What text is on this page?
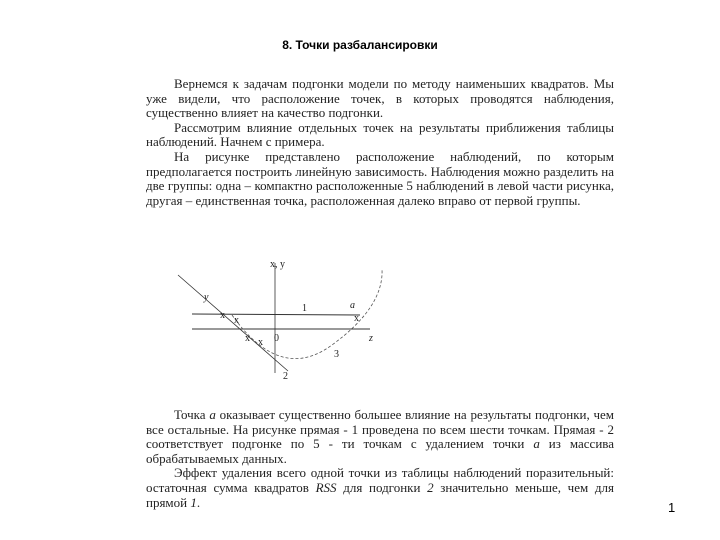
8. Точки разбалансировки

Вернемся к задачам подгонки модели по методу наименьших квадратов. Мы уже видели, что расположение точек, в которых проводятся наблюдения, существенно влияет на качество подгонки.

Рассмотрим влияние отдельных точек на результаты приближения таблицы наблюдений. Начнем с примера.

На рисунке представлено расположение наблюдений, по которым предполагается построить линейную зависимость. Наблюдения можно разделить на две группы: одна – компактно расположенные 5 наблюдений в левой части рисунка, другая – единственная точка, расположенная далеко вправо от первой группы.

x, y
z
0
1
2
3
y
x x
x x
x
a

Точка a оказывает существенно большее влияние на результаты подгонки, чем все остальные. На рисунке прямая - 1 проведена по всем шести точкам. Прямая - 2 соответствует подгонке по 5 - ти точкам с удалением точки a из массива обрабатываемых данных.

Эффект удаления всего одной точки из таблицы наблюдений поразительный: остаточная сумма квадратов RSS для подгонки 2 значительно меньше, чем для прямой 1.	1
